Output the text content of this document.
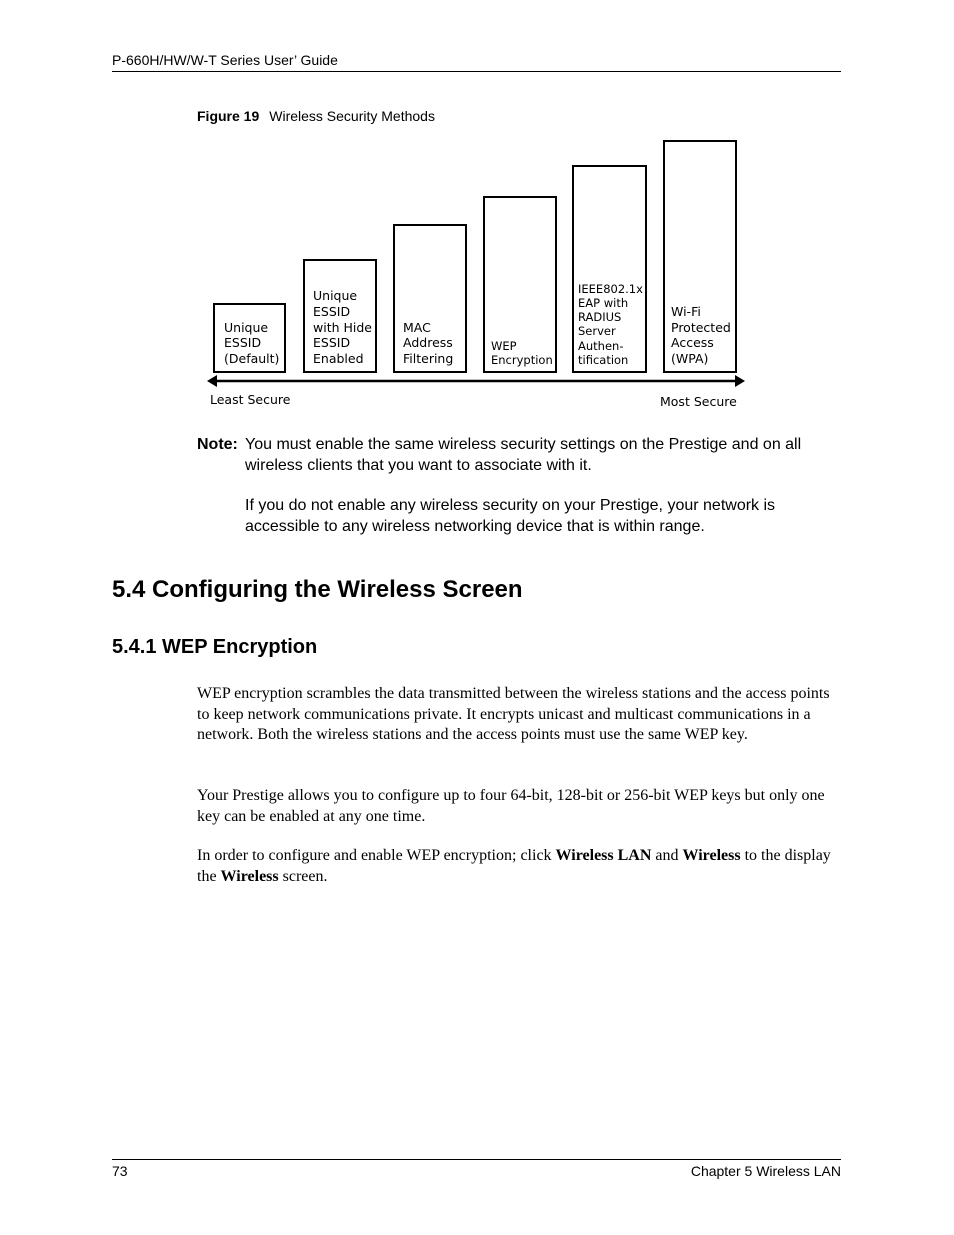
P-660H/HW/W-T Series User’ Guide
Figure 19 Wireless Security Methods
Unique
ESSID
(Default)
Unique
ESSID
with Hide
ESSID
Enabled
MAC
Address
Filtering
WEP
Encryption
IEEE802.1x
EAP with
RADIUS
Server
Authen-
tification
Wi-Fi
Protected
Access
(WPA)
Least Secure	Most Secure
Note: You must enable the same wireless security settings on the Prestige and on all wireless clients that you want to associate with it.
If you do not enable any wireless security on your Prestige, your network is accessible to any wireless networking device that is within range.
5.4 Configuring the Wireless Screen
5.4.1 WEP Encryption
WEP encryption scrambles the data transmitted between the wireless stations and the access points to keep network communications private. It encrypts unicast and multicast communications in a network. Both the wireless stations and the access points must use the same WEP key.
Your Prestige allows you to configure up to four 64-bit, 128-bit or 256-bit WEP keys but only one key can be enabled at any one time.
In order to configure and enable WEP encryption; click Wireless LAN and Wireless to the display the Wireless screen.
73	Chapter 5 Wireless LAN
